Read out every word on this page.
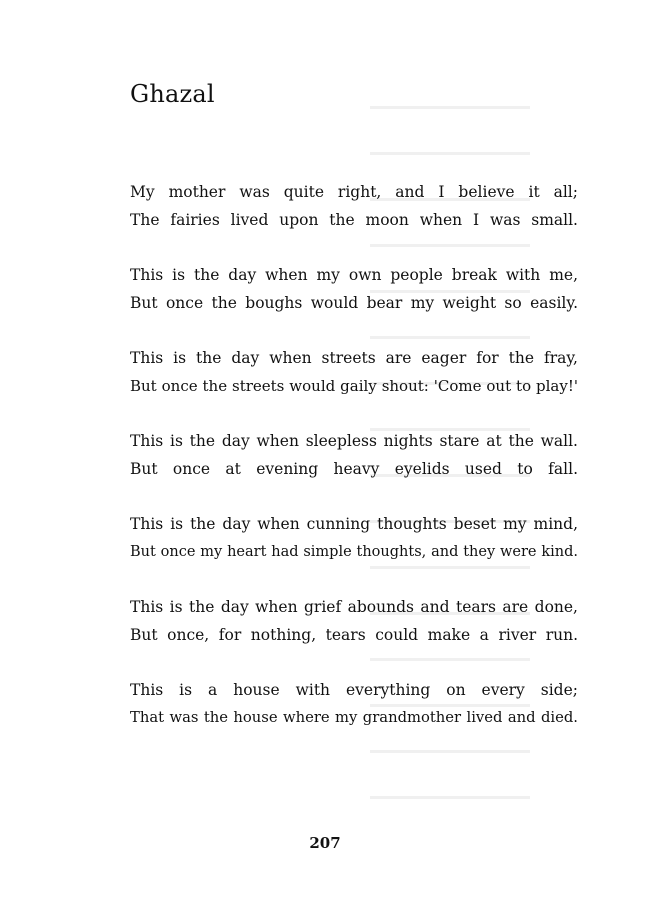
Ghazal
My mother was quite right, and I believe it all;
The fairies lived upon the moon when I was small.
This is the day when my own people break with me,
But once the boughs would bear my weight so easily.
This is the day when streets are eager for the fray,
But once the streets would gaily shout: 'Come out to play!'
This is the day when sleepless nights stare at the wall.
But once at evening heavy eyelids used to fall.
This is the day when cunning thoughts beset my mind,
But once my heart had simple thoughts, and they were kind.
This is the day when grief abounds and tears are done,
But once, for nothing, tears could make a river run.
This is a house with everything on every side;
That was the house where my grandmother lived and died.
207
